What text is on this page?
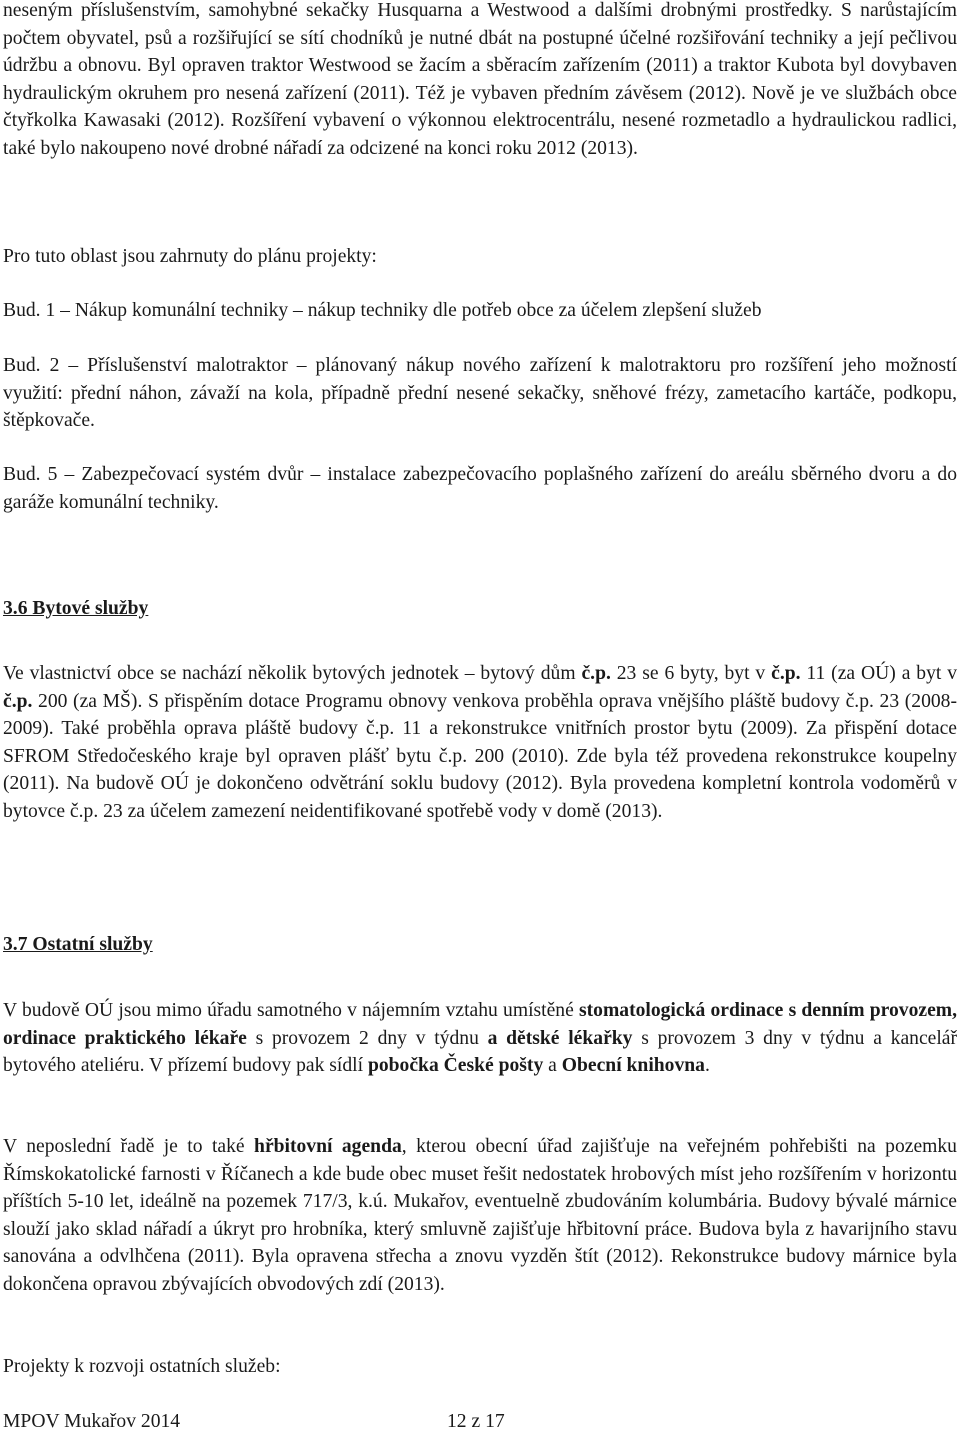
neseným příslušenstvím, samohybné sekačky Husquarna a Westwood a dalšími drobnými prostředky. S narůstajícím počtem obyvatel, psů a rozšiřující se sítí chodníků je nutné dbát na postupné účelné rozšiřování techniky a její pečlivou údržbu a obnovu. Byl opraven traktor Westwood se žacím a sběracím zařízením (2011) a traktor Kubota byl dovybaven hydraulickým okruhem pro nesená zařízení (2011). Též je vybaven předním závěsem (2012). Nově je ve službách obce čtyřkolka Kawasaki (2012). Rozšíření vybavení o výkonnou elektrocentrálu, nesené rozmetadlo a hydraulickou radlici, také bylo nakoupeno nové drobné nářadí za odcizené na konci roku 2012 (2013).

Pro tuto oblast jsou zahrnuty do plánu projekty:

Bud. 1 – Nákup komunální techniky – nákup techniky dle potřeb obce za účelem zlepšení služeb

Bud. 2 – Příslušenství malotraktor – plánovaný nákup nového zařízení k malotraktoru pro rozšíření jeho možností využití: přední náhon, závaží na kola, případně přední nesené sekačky, sněhové frézy, zametacího kartáče, podkopu, štěpkovače.

Bud. 5 – Zabezpečovací systém dvůr – instalace zabezpečovacího poplašného zařízení do areálu sběrného dvoru a do garáže komunální techniky.

3.6 Bytové služby

Ve vlastnictví obce se nachází několik bytových jednotek – bytový dům č.p. 23 se 6 byty, byt v č.p. 11 (za OÚ) a byt v č.p. 200 (za MŠ). S přispěním dotace Programu obnovy venkova proběhla oprava vnějšího pláště budovy č.p. 23 (2008-2009). Také proběhla oprava pláště budovy č.p. 11 a rekonstrukce vnitřních prostor bytu (2009). Za přispění dotace SFROM Středočeského kraje byl opraven plášť bytu č.p. 200 (2010). Zde byla též provedena rekonstrukce koupelny (2011). Na budově OÚ je dokončeno odvětrání soklu budovy (2012). Byla provedena kompletní kontrola vodoměrů v bytovce č.p. 23 za účelem zamezení neidentifikované spotřebě vody v domě (2013).

3.7 Ostatní služby

V budově OÚ jsou mimo úřadu samotného v nájemním vztahu umístěné stomatologická ordinace s denním provozem, ordinace praktického lékaře s provozem 2 dny v týdnu a dětské lékařky s provozem 3 dny v týdnu a kancelář bytového ateliéru. V přízemí budovy pak sídlí pobočka České pošty a Obecní knihovna.

V neposlední řadě je to také hřbitovní agenda, kterou obecní úřad zajišťuje na veřejném pohřebišti na pozemku Římskokatolické farnosti v Říčanech a kde bude obec muset řešit nedostatek hrobových míst jeho rozšířením v horizontu příštích 5-10 let, ideálně na pozemek 717/3, k.ú. Mukařov, eventuelně zbudováním kolumbária. Budovy bývalé márnice slouží jako sklad nářadí a úkryt pro hrobníka, který smluvně zajišťuje hřbitovní práce. Budova byla z havarijního stavu sanována a odvlhčena (2011). Byla opravena střecha a znovu vyzděn štít (2012). Rekonstrukce budovy márnice byla dokončena opravou zbývajících obvodových zdí (2013).

Projekty k rozvoji ostatních služeb:

MPOV Mukařov 2014	12 z 17
